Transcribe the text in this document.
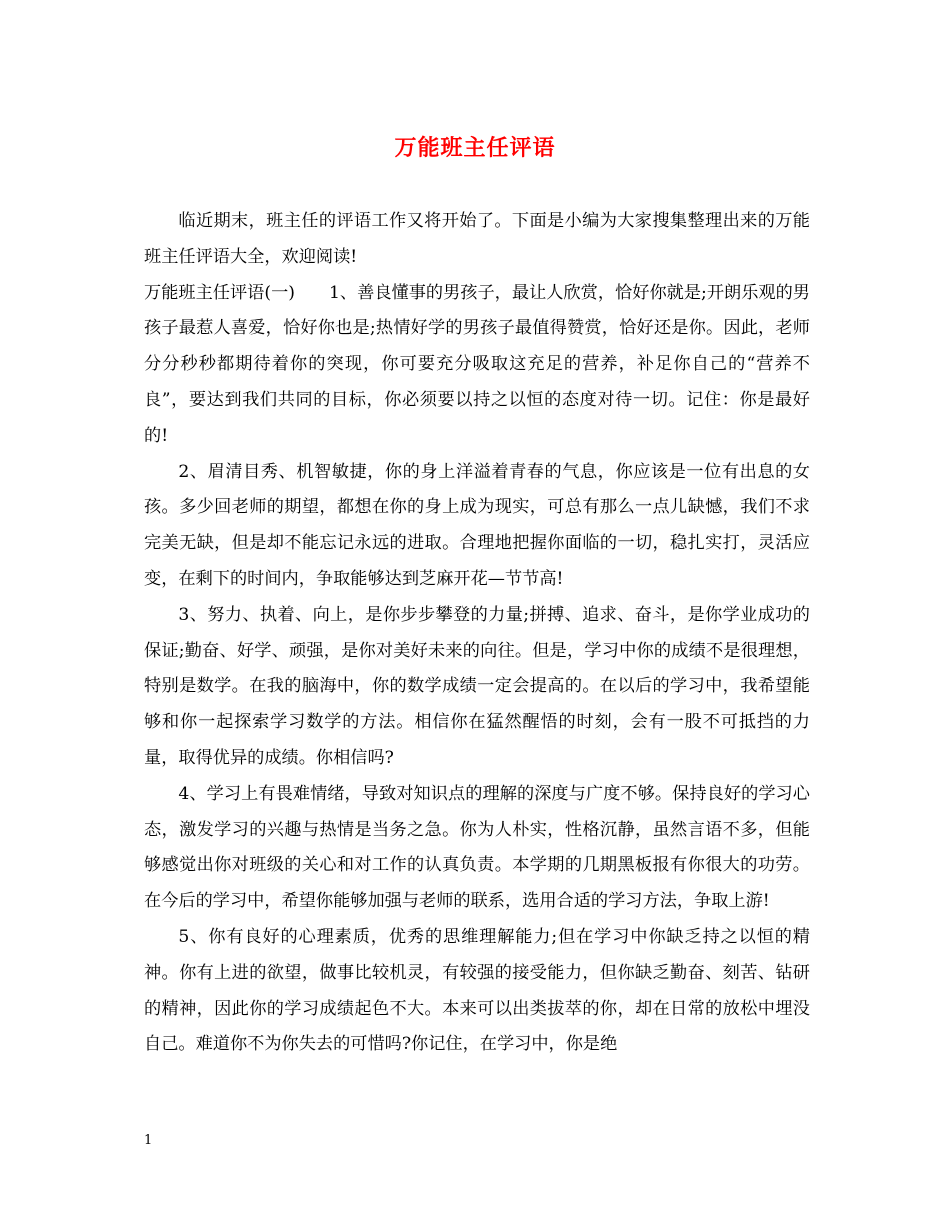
万能班主任评语

临近期末，班主任的评语工作又将开始了。下面是小编为大家搜集整理出来的万能班主任评语大全，欢迎阅读!

万能班主任评语(一) 1、善良懂事的男孩子，最让人欣赏，恰好你就是;开朗乐观的男孩子最惹人喜爱，恰好你也是;热情好学的男孩子最值得赞赏，恰好还是你。因此，老师分分秒秒都期待着你的突现，你可要充分吸取这充足的营养，补足你自己的“营养不良”，要达到我们共同的目标，你必须要以持之以恒的态度对待一切。记住：你是最好的!

2、眉清目秀、机智敏捷，你的身上洋溢着青春的气息，你应该是一位有出息的女孩。多少回老师的期望，都想在你的身上成为现实，可总有那么一点儿缺憾，我们不求完美无缺，但是却不能忘记永远的进取。合理地把握你面临的一切，稳扎实打，灵活应变，在剩下的时间内，争取能够达到芝麻开花—节节高!

3、努力、执着、向上，是你步步攀登的力量;拼搏、追求、奋斗，是你学业成功的保证;勤奋、好学、顽强，是你对美好未来的向往。但是，学习中你的成绩不是很理想，特别是数学。在我的脑海中，你的数学成绩一定会提高的。在以后的学习中，我希望能够和你一起探索学习数学的方法。相信你在猛然醒悟的时刻，会有一股不可抵挡的力量，取得优异的成绩。你相信吗?

4、学习上有畏难情绪，导致对知识点的理解的深度与广度不够。保持良好的学习心态，激发学习的兴趣与热情是当务之急。你为人朴实，性格沉静，虽然言语不多，但能够感觉出你对班级的关心和对工作的认真负责。本学期的几期黑板报有你很大的功劳。在今后的学习中，希望你能够加强与老师的联系，选用合适的学习方法，争取上游!

5、你有良好的心理素质，优秀的思维理解能力;但在学习中你缺乏持之以恒的精神。你有上进的欲望，做事比较机灵，有较强的接受能力，但你缺乏勤奋、刻苦、钻研的精神，因此你的学习成绩起色不大。本来可以出类拔萃的你，却在日常的放松中埋没自己。难道你不为你失去的可惜吗?你记住，在学习中，你是绝

1
